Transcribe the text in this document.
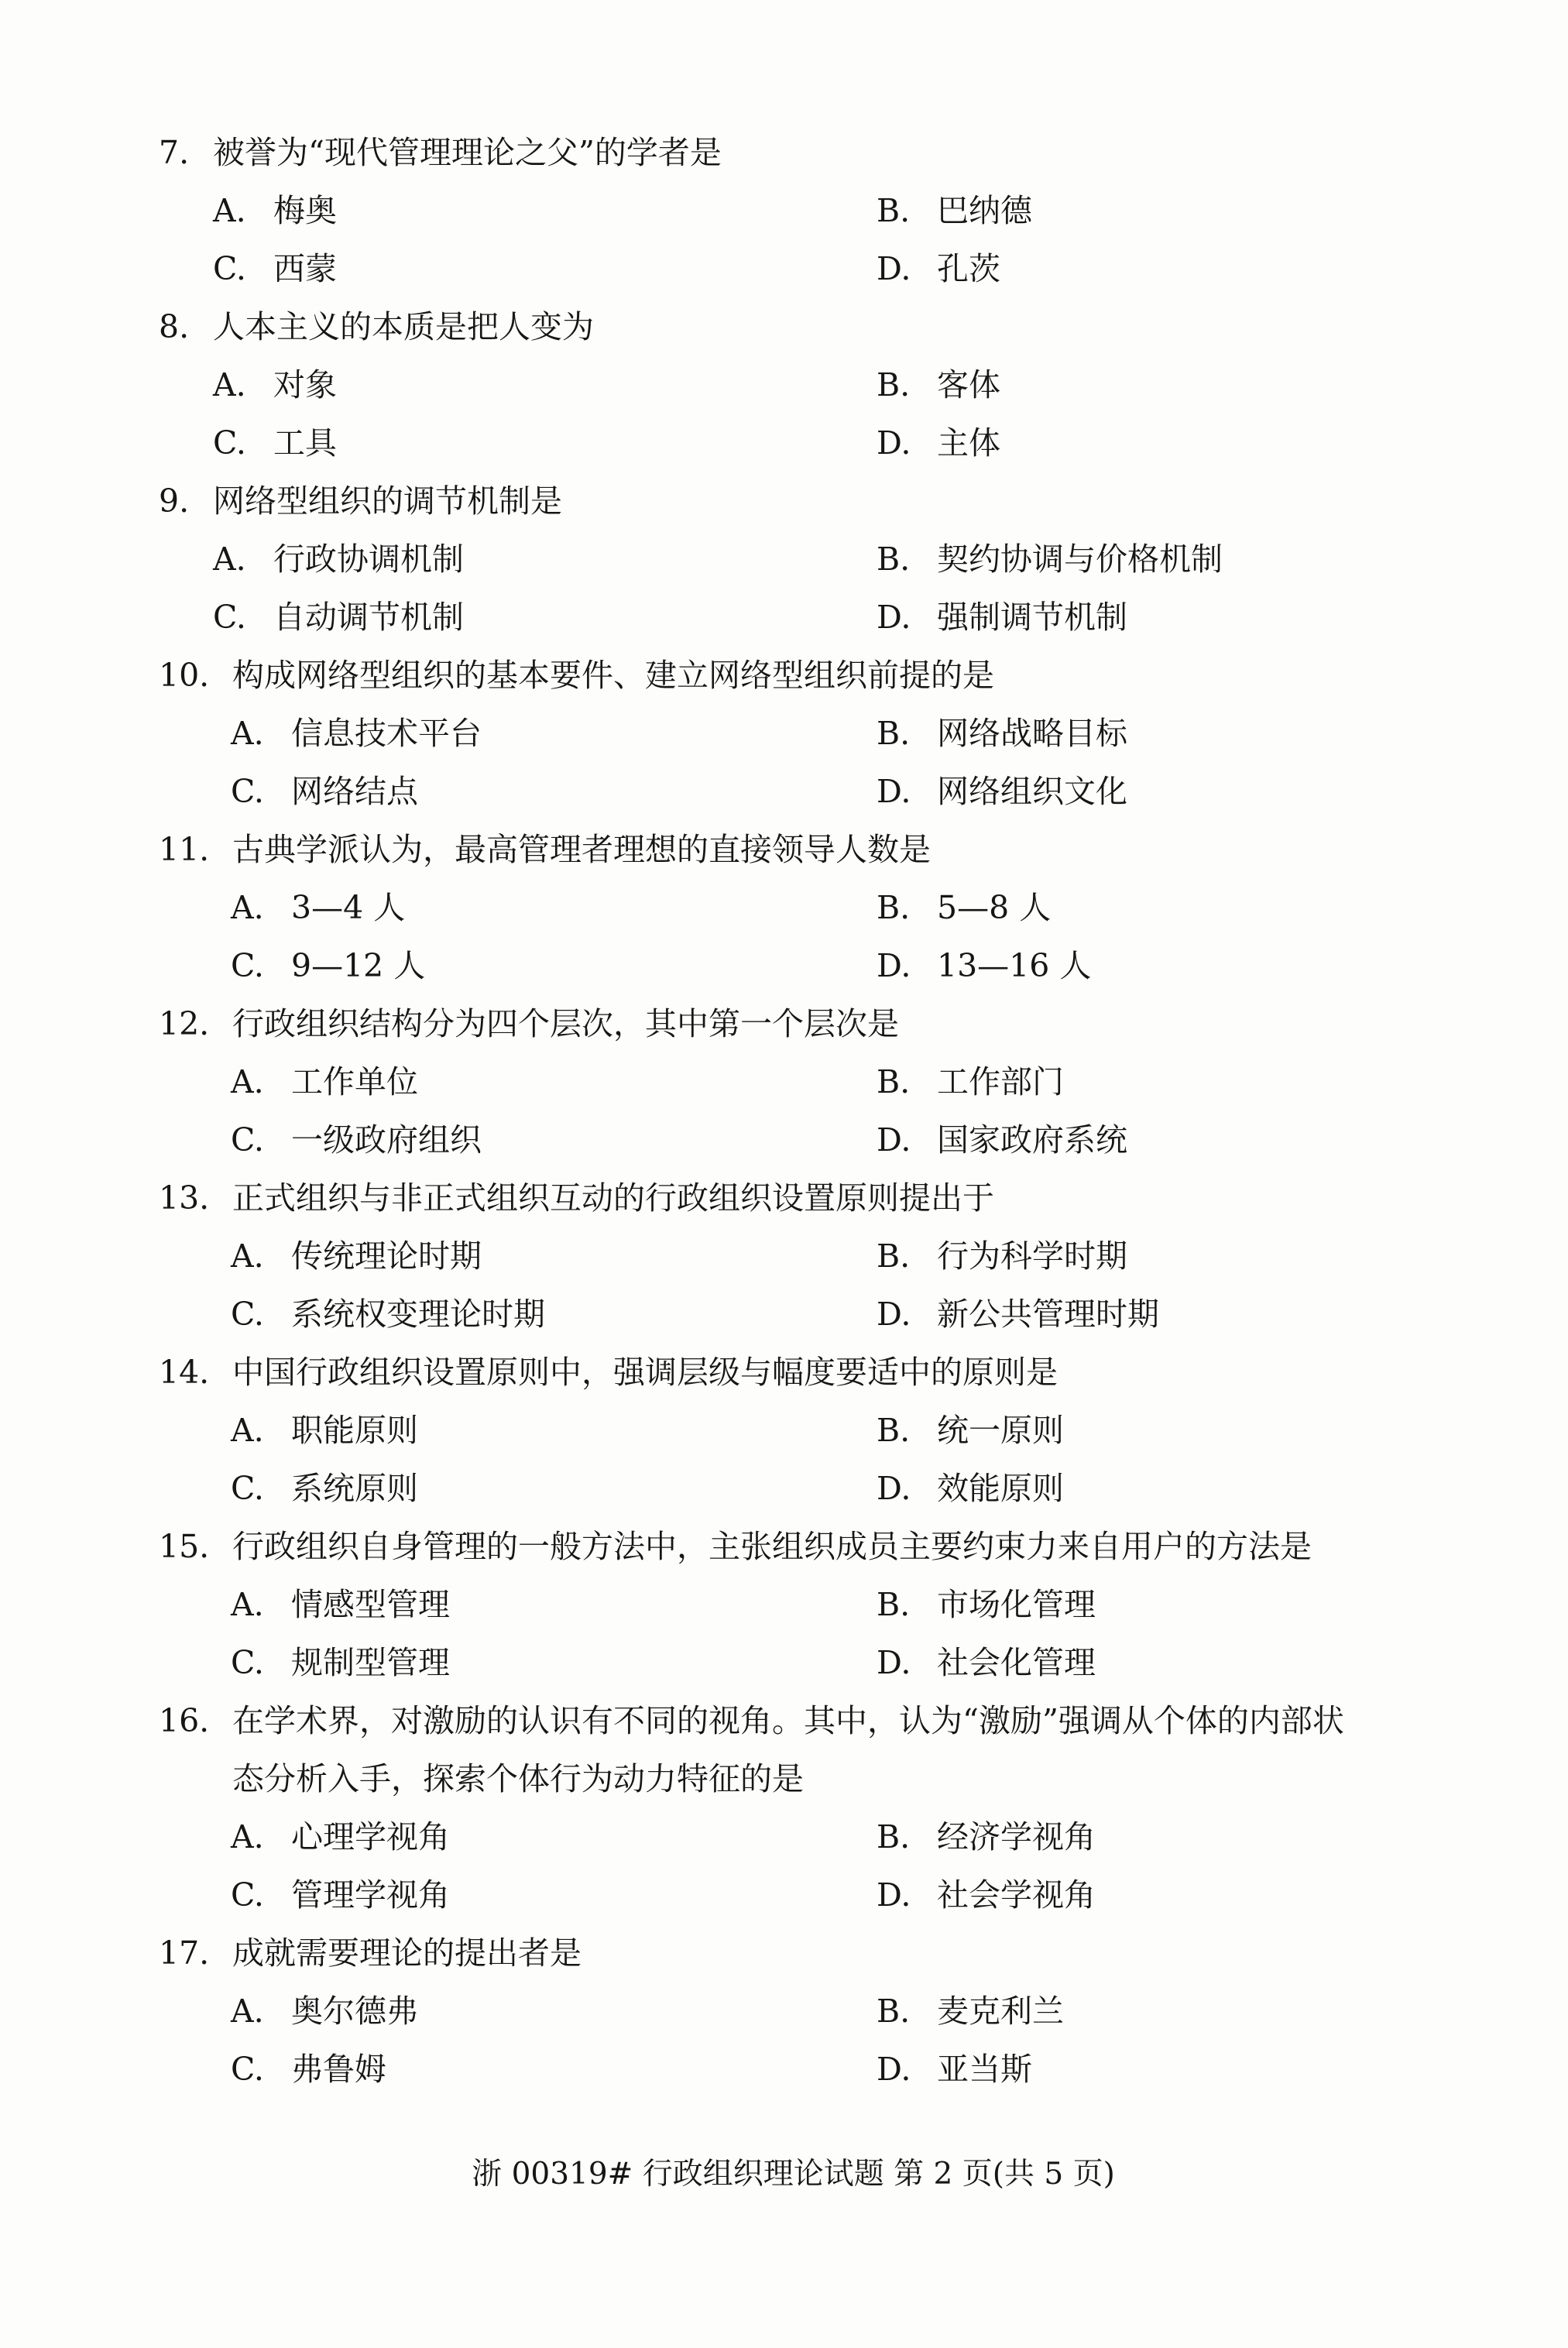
7. 被誉为“现代管理理论之父”的学者是
A. 梅奥	B. 巴纳德
C. 西蒙	D. 孔茨
8. 人本主义的本质是把人变为
A. 对象	B. 客体
C. 工具	D. 主体
9. 网络型组织的调节机制是
A. 行政协调机制	B. 契约协调与价格机制
C. 自动调节机制	D. 强制调节机制
10. 构成网络型组织的基本要件、建立网络型组织前提的是
A. 信息技术平台	B. 网络战略目标
C. 网络结点	D. 网络组织文化
11. 古典学派认为，最高管理者理想的直接领导人数是
A. 3—4 人	B. 5—8 人
C. 9—12 人	D. 13—16 人
12. 行政组织结构分为四个层次，其中第一个层次是
A. 工作单位	B. 工作部门
C. 一级政府组织	D. 国家政府系统
13. 正式组织与非正式组织互动的行政组织设置原则提出于
A. 传统理论时期	B. 行为科学时期
C. 系统权变理论时期	D. 新公共管理时期
14. 中国行政组织设置原则中，强调层级与幅度要适中的原则是
A. 职能原则	B. 统一原则
C. 系统原则	D. 效能原则
15. 行政组织自身管理的一般方法中，主张组织成员主要约束力来自用户的方法是
A. 情感型管理	B. 市场化管理
C. 规制型管理	D. 社会化管理
16. 在学术界，对激励的认识有不同的视角。其中，认为“激励”强调从个体的内部状
态分析入手，探索个体行为动力特征的是
A. 心理学视角	B. 经济学视角
C. 管理学视角	D. 社会学视角
17. 成就需要理论的提出者是
A. 奥尔德弗	B. 麦克利兰
C. 弗鲁姆	D. 亚当斯
浙 00319# 行政组织理论试题 第 2 页(共 5 页)
